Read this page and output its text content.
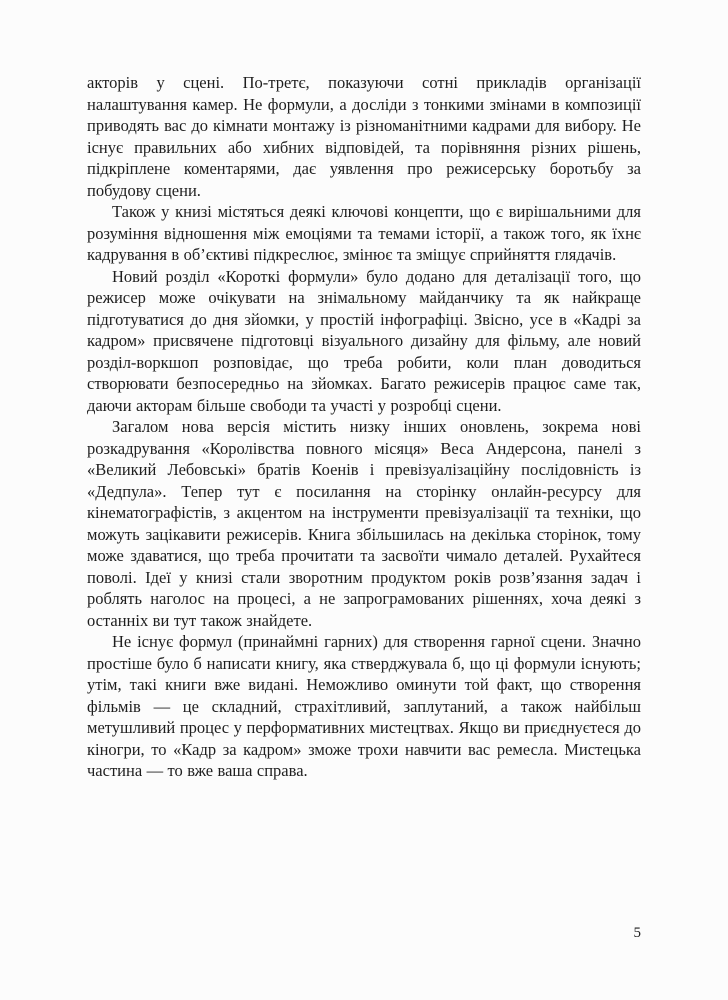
акторів у сцені. По-третє, показуючи сотні прикладів організації налаштування камер. Не формули, а досліди з тонкими змінами в композиції приводять вас до кімнати монтажу із різноманітними кадрами для вибору. Не існує правильних або хибних відповідей, та порівняння різних рішень, підкріплене коментарями, дає уявлення про режисерську боротьбу за побудову сцени.

Також у книзі містяться деякі ключові концепти, що є вирішальними для розуміння відношення між емоціями та темами історії, а також того, як їхнє кадрування в об’єктиві підкреслює, змінює та зміщує сприйняття глядачів.

Новий розділ «Короткі формули» було додано для деталізації того, що режисер може очікувати на знімальному майданчику та як найкраще підготуватися до дня зйомки, у простій інфографіці. Звісно, усе в «Кадрі за кадром» присвячене підготовці візуального дизайну для фільму, але новий розділ-воркшоп розповідає, що треба робити, коли план доводиться створювати безпосередньо на зйомках. Багато режисерів працює саме так, даючи акторам більше свободи та участі у розробці сцени.

Загалом нова версія містить низку інших оновлень, зокрема нові розкадрування «Королівства повного місяця» Веса Андерсона, панелі з «Великий Лебовські» братів Коенів і превізуалізаційну послідовність із «Дедпула». Тепер тут є посилання на сторінку онлайн-ресурсу для кінематографістів, з акцентом на інструменти превізуалізації та техніки, що можуть зацікавити режисерів. Книга збільшилась на декілька сторінок, тому може здаватися, що треба прочитати та засвоїти чимало деталей. Рухайтеся поволі. Ідеї у книзі стали зворотним продуктом років розв’язання задач і роблять наголос на процесі, а не запрограмованих рішеннях, хоча деякі з останніх ви тут також знайдете.

Не існує формул (принаймні гарних) для створення гарної сцени. Значно простіше було б написати книгу, яка стверджувала б, що ці формули існують; утім, такі книги вже видані. Неможливо оминути той факт, що створення фільмів — це складний, страхітливий, заплутаний, а також найбільш метушливий процес у перформативних мистецтвах. Якщо ви приєднуєтеся до кіногри, то «Кадр за кадром» зможе трохи навчити вас ремесла. Мистецька частина — то вже ваша справа.

5
